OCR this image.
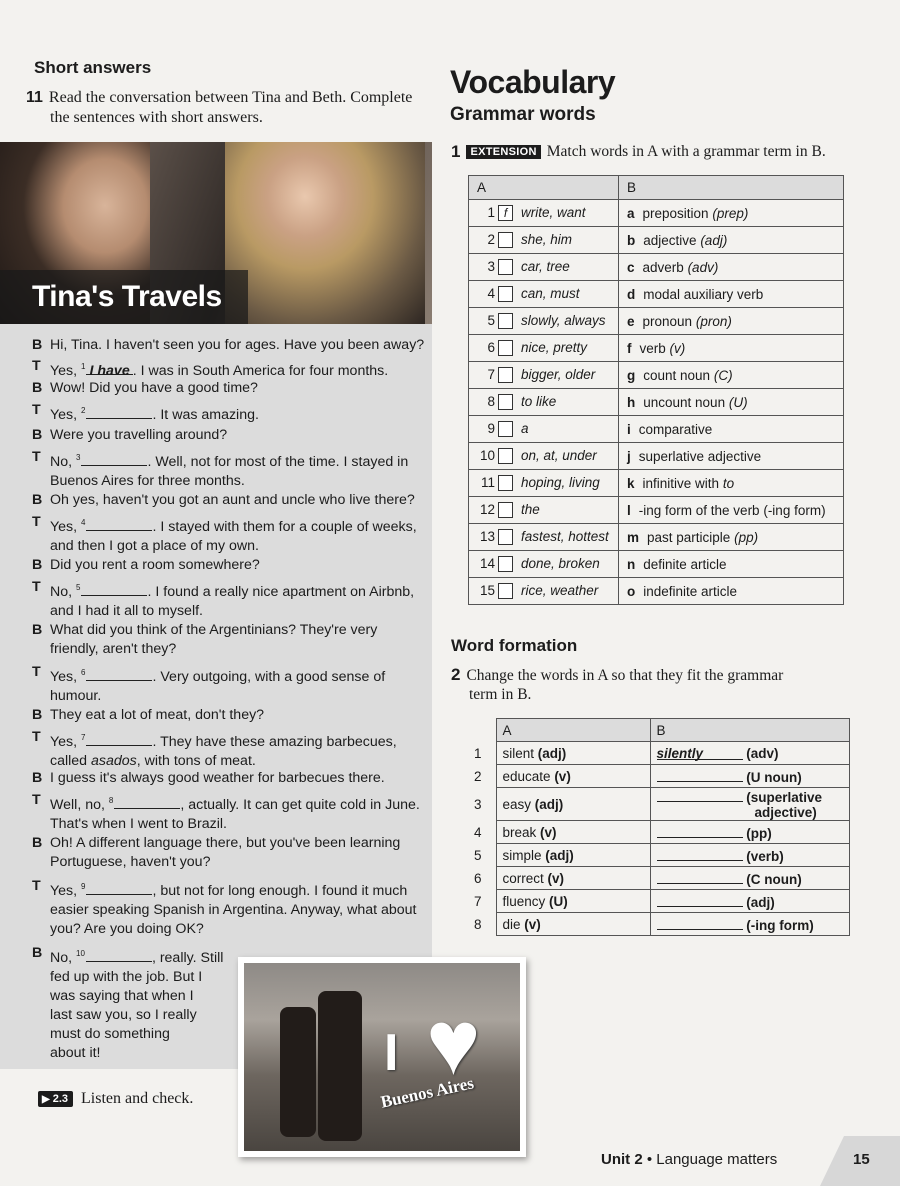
Short answers
11 Read the conversation between Tina and Beth. Complete
the sentences with short answers.
Tina's Travels
B Hi, Tina. I haven't seen you for ages. Have you been away?
T Yes, $^1$ I have . I was in South America for four months.
B Wow! Did you have a good time?
T Yes, $^2$	. It was amazing.
B Were you travelling around?
T No, $^3$	. Well, not for most of the time. I stayed in
Buenos Aires for three months.
B Oh yes, haven't you got an aunt and uncle who live there?
T Yes, $^4$	. I stayed with them for a couple of weeks,
and then I got a place of my own.
B Did you rent a room somewhere?
T No, $^5$	. I found a really nice apartment on Airbnb,
and I had it all to myself.
B What did you think of the Argentinians? They're very
friendly, aren't they?
T Yes, $^6$	. Very outgoing, with a good sense of
humour.
B They eat a lot of meat, don't they?
T Yes, $^7$	. They have these amazing barbecues,
called asados, with tons of meat.
B I guess it's always good weather for barbecues there.
T Well, no, $^8$	, actually. It can get quite cold in June.
That's when I went to Brazil.
B Oh! A different language there, but you've been learning
Portuguese, haven't you?
T Yes, $^9$	, but not for long enough. I found it much
easier speaking Spanish in Argentina. Anyway, what about
you? Are you doing OK?
B No, $^{10}$	, really. Still
fed up with the job. But I
was saying that when I
last saw you, so I really
must do something
about it!	I ♥
Buenos Aires
▶ 2.3 Listen and check.
Vocabulary
Grammar words
1 EXTENSION Match words in A with a grammar term in B.
A	B
1 f write, want	a preposition (prep)
2 she, him	b adjective (adj)
3 car, tree	c adverb (adv)
4 can, must	d modal auxiliary verb
5 slowly, always	e pronoun (pron)
6 nice, pretty	f verb (v)
7 bigger, older	g count noun (C)
8 to like	h uncount noun (U)
9 a	i comparative
10 on, at, under	j superlative adjective
11 hoping, living	k infinitive with to
12 the	l -ing form of the verb (-ing form)
13 fastest, hottest	m past participle (pp)
14 done, broken	n definite article
15 rice, weather	o indefinite article
Word formation
2 Change the words in A so that they fit the grammar
term in B.
	A	B
1	silent (adj)	silently (adv)
2	educate (v)	(U noun)
3	easy (adj)	(superlative
adjective)
4	break (v)	(pp)
5	simple (adj)	(verb)
6	correct (v)	(C noun)
7	fluency (U)	(adj)
8	die (v)	(-ing form)
Unit 2 • Language matters	15
